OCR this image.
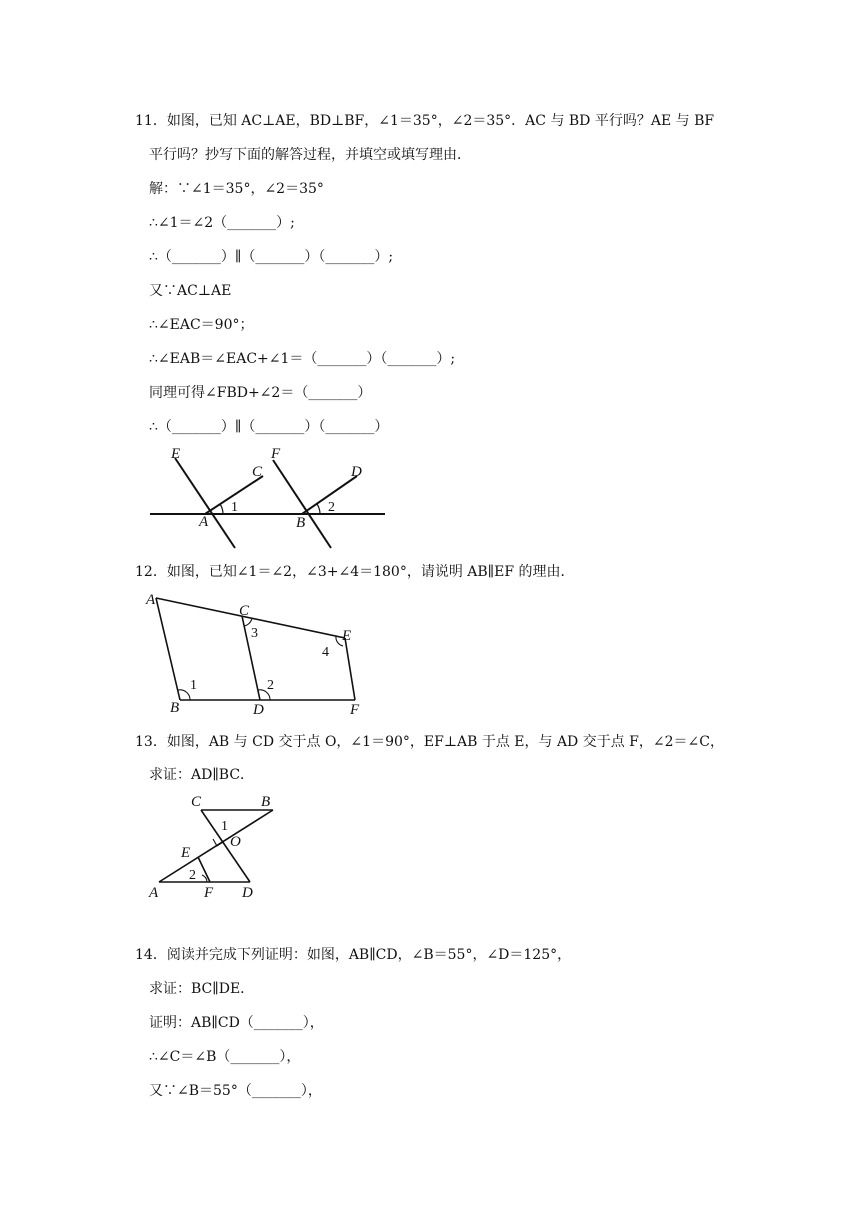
11．如图，已知 AC⊥AE，BD⊥BF，∠1＝35°，∠2＝35°．AC 与 BD 平行吗？AE 与 BF
平行吗？抄写下面的解答过程，并填空或填写理由．
解：∵∠1＝35°，∠2＝35°
∴∠1＝∠2（_______）;
∴（_______）∥（_______）（_______）;
又∵AC⊥AE
∴∠EAC＝90°；
∴∠EAB＝∠EAC+∠1＝（_______）（_______）;
同理可得∠FBD+∠2＝（_______）
∴（_______）∥（_______）（_______）
E
C
A
1
F
D
B
2
12．如图，已知∠1＝∠2，∠3+∠4＝180°，请说明 AB∥EF 的理由．
A
C
E
3
4
1	2
B	D	F
13．如图，AB 与 CD 交于点 O，∠1＝90°，EF⊥AB 于点 E，与 AD 交于点 F，∠2＝∠C，
求证：AD∥BC．
C	B
1
O
E
2
A	F D
14．阅读并完成下列证明：如图，AB∥CD，∠B＝55°，∠D＝125°，
求证：BC∥DE．
证明：AB∥CD（_______），
∴∠C＝∠B（_______），
又∵∠B＝55°（_______），
